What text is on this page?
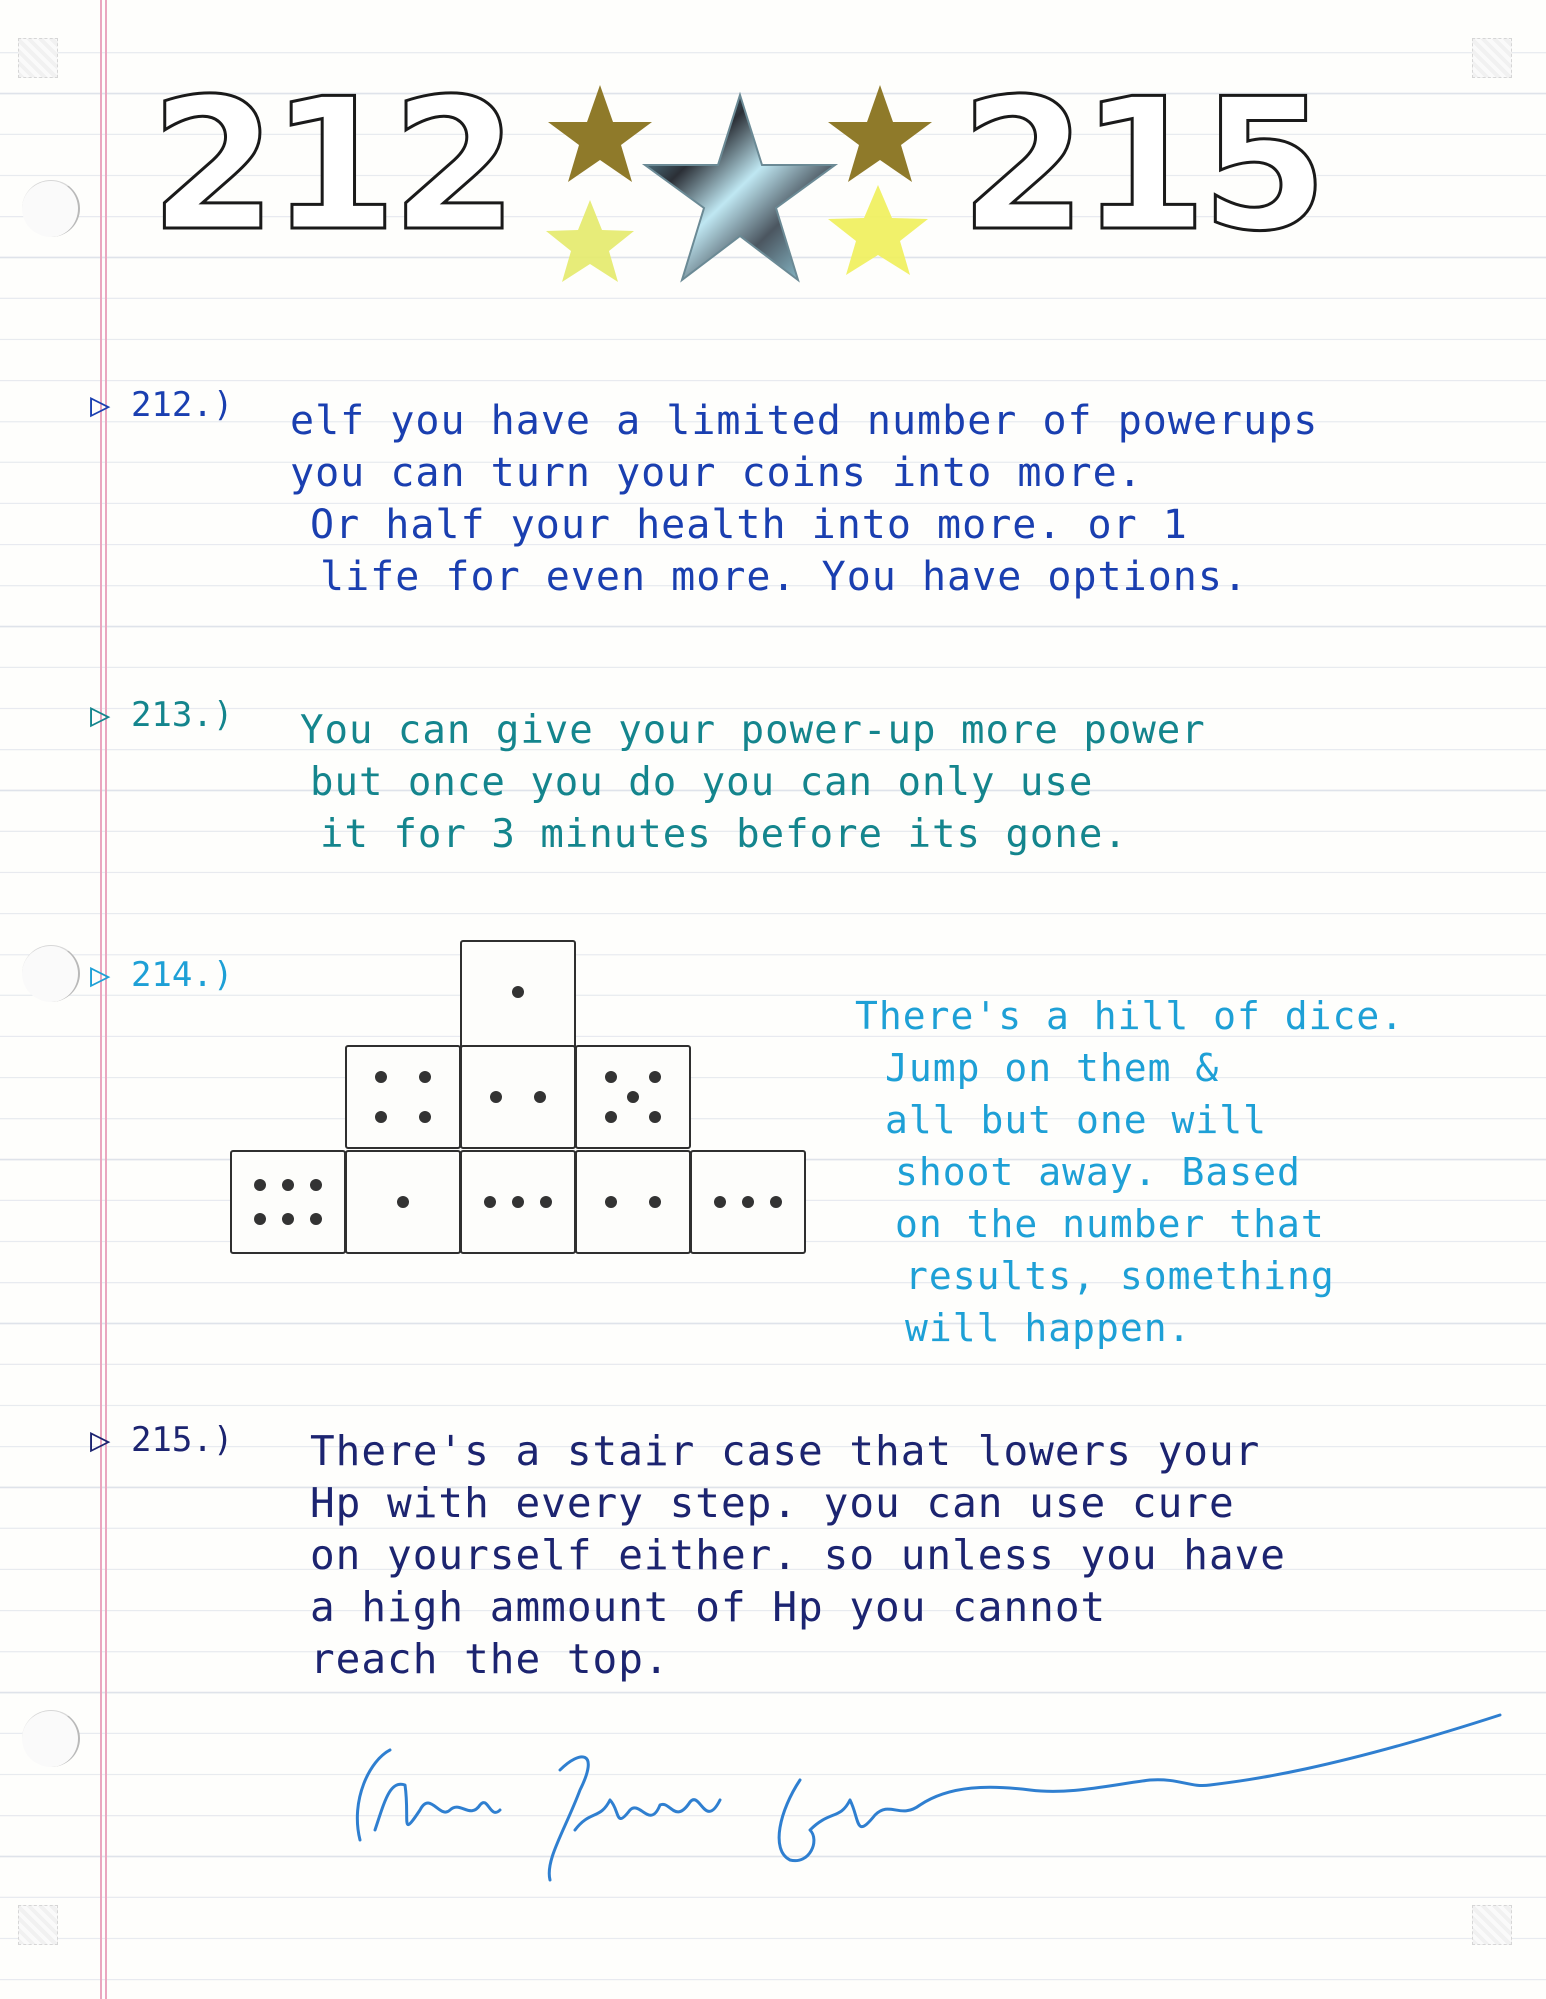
212 215
▷ 212.) elf you have a limited number of powerups
you can turn your coins into more.
Or half your health into more. or 1
life for even more. You have options.
▷ 213.) You can give your power-up more power
but once you do you can only use
it for 3 minutes before its gone.
▷ 214.)
There's a hill of dice.
Jump on them &
all but one will
shoot away. Based
on the number that
results, something
will happen.
▷ 215.) There's a stair case that lowers your
Hp with every step. you can use cure
on yourself either. so unless you have
a high ammount of Hp you cannot
reach the top.
